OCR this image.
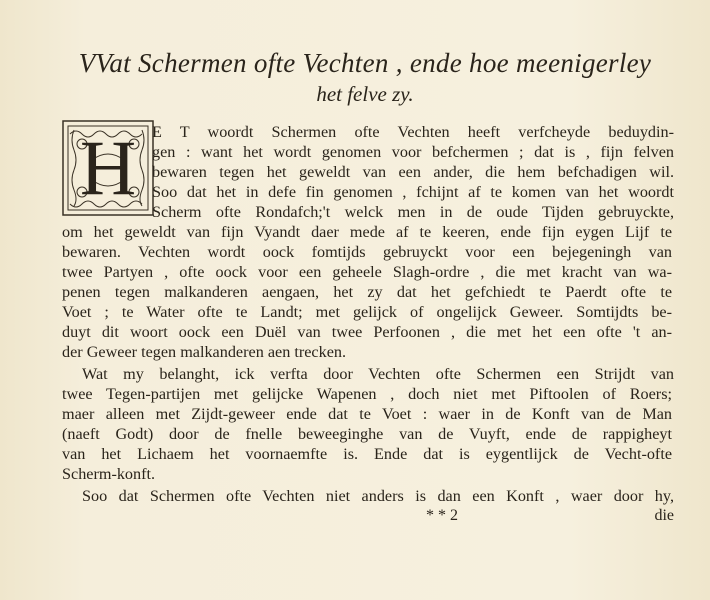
VVat Schermen ofte Vechten , ende hoe meenigerley
het felve zy.
H E T woordt Schermen ofte Vechten heeft verfcheyde beduydin-
gen : want het wordt genomen voor befchermen ; dat is , fijn felven
bewaren tegen het geweldt van een ander, die hem befchadigen wil.
Soo dat het in defe fin genomen , fchijnt af te komen van het woordt
Scherm ofte Rondafch;'t welck men in de oude Tijden gebruyckte,
om het geweldt van fijn Vyandt daer mede af te keeren, ende fijn eygen Lijf te
bewaren. Vechten wordt oock fomtijds gebruyckt voor een bejegeningh van
twee Partyen , ofte oock voor een geheele Slagh-ordre , die met kracht van wa-
penen tegen malkanderen aengaen, het zy dat het gefchiedt te Paerdt ofte te
Voet ; te Water ofte te Landt; met gelijck of ongelijck Geweer. Somtijdts be-
duyt dit woort oock een Duël van twee Perfoonen , die met het een ofte 't an-
der Geweer tegen malkanderen aen trecken.
Wat my belanght, ick verfta door Vechten ofte Schermen een Strijdt van
twee Tegen-partijen met gelijcke Wapenen , doch niet met Piftoolen of Roers;
maer alleen met Zijdt-geweer ende dat te Voet : waer in de Konft van de Man
(naeft Godt) door de fnelle beweeginghe van de Vuyft, ende de rappigheyt
van het Lichaem het voornaemfte is. Ende dat is eygentlijck de Vecht-ofte
Scherm-konft.
Soo dat Schermen ofte Vechten niet anders is dan een Konft , waer door hy,
* * 2	die
